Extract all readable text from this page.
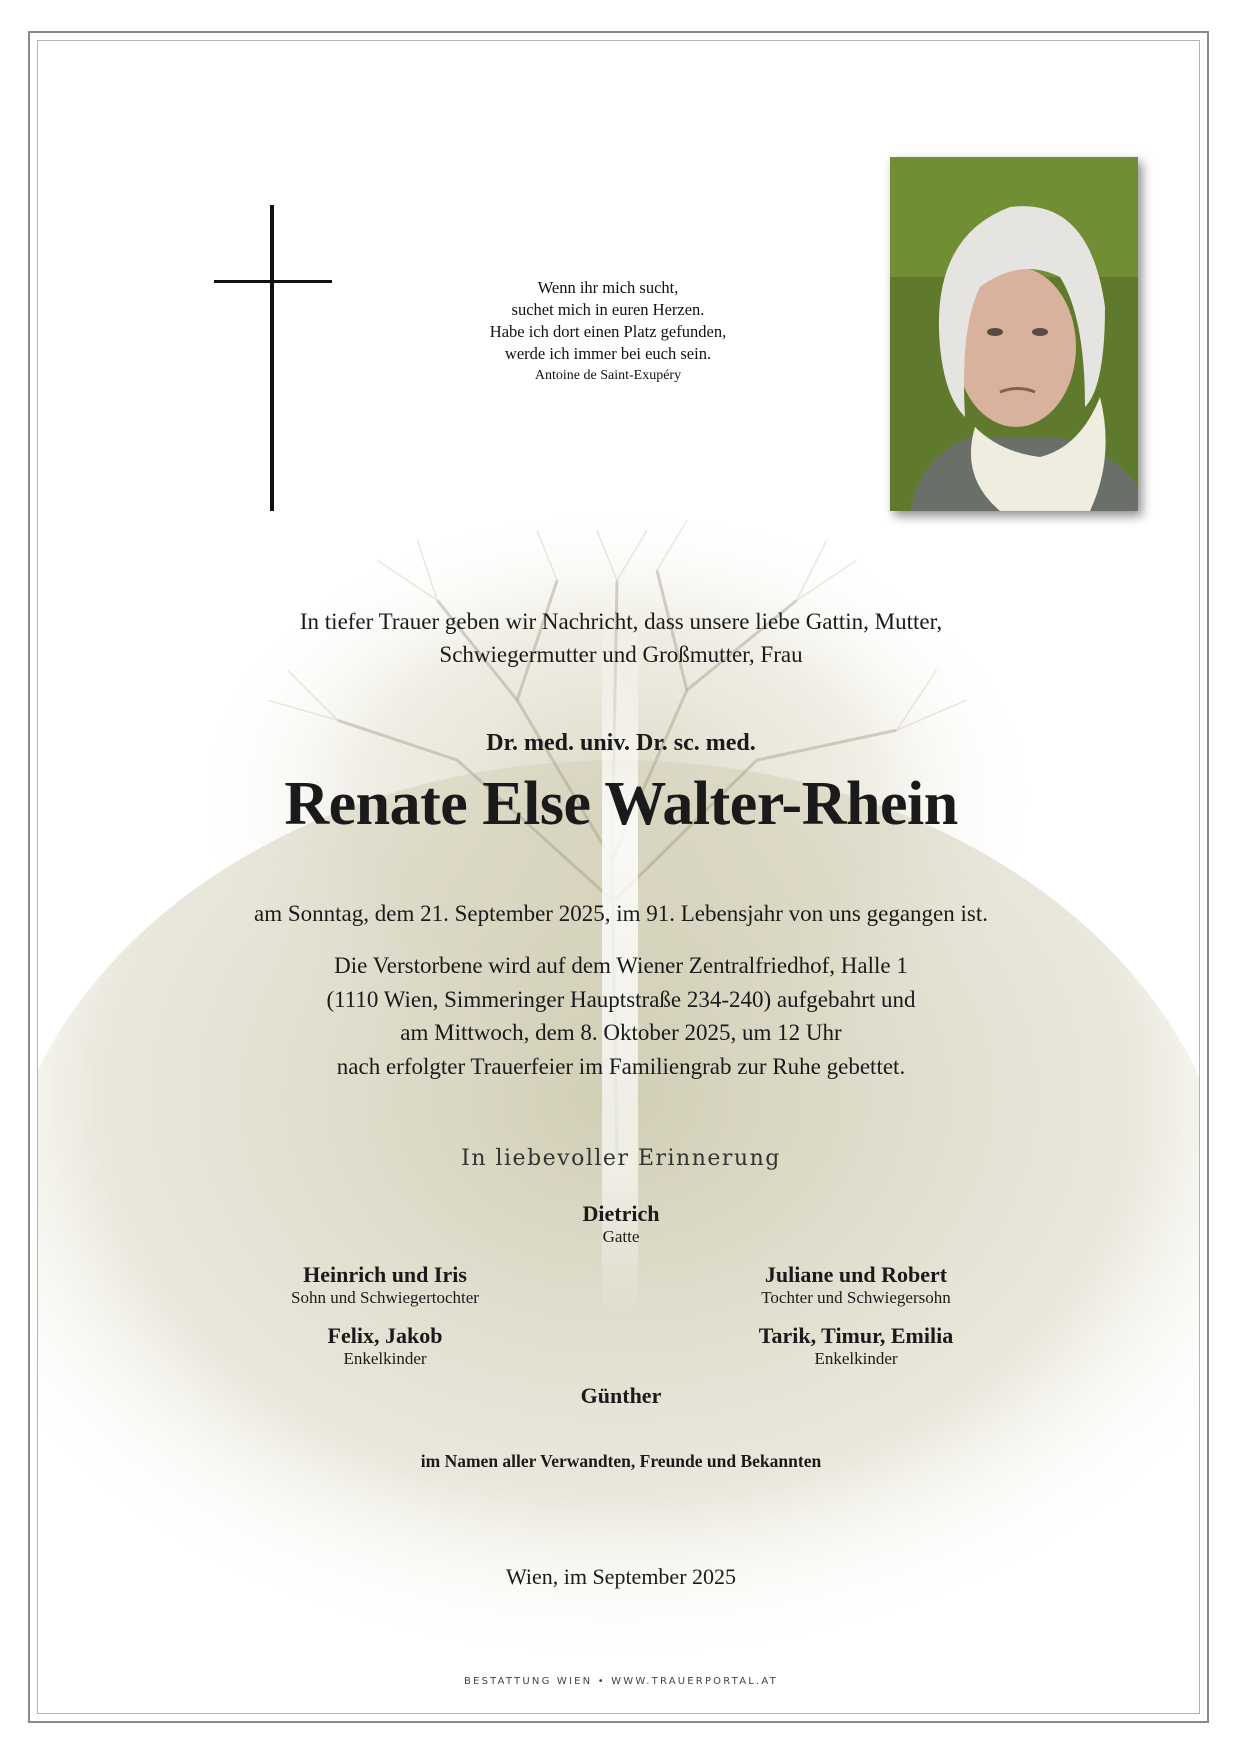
Wenn ihr mich sucht,
suchet mich in euren Herzen.
Habe ich dort einen Platz gefunden,
werde ich immer bei euch sein.
Antoine de Saint-Exupéry
In tiefer Trauer geben wir Nachricht, dass unsere liebe Gattin, Mutter,
Schwiegermutter und Großmutter, Frau
Dr. med. univ. Dr. sc. med.
Renate Else Walter-Rhein
am Sonntag, dem 21. September 2025, im 91. Lebensjahr von uns gegangen ist.
Die Verstorbene wird auf dem Wiener Zentralfriedhof, Halle 1
(1110 Wien, Simmeringer Hauptstraße 234-240) aufgebahrt und
am Mittwoch, dem 8. Oktober 2025, um 12 Uhr
nach erfolgter Trauerfeier im Familiengrab zur Ruhe gebettet.
In liebevoller Erinnerung
Dietrich
Gatte
Heinrich und Iris
Sohn und Schwiegertochter
Juliane und Robert
Tochter und Schwiegersohn
Felix, Jakob
Enkelkinder
Tarik, Timur, Emilia
Enkelkinder
Günther
im Namen aller Verwandten, Freunde und Bekannten
Wien, im September 2025
BESTATTUNG WIEN • WWW.TRAUERPORTAL.AT
